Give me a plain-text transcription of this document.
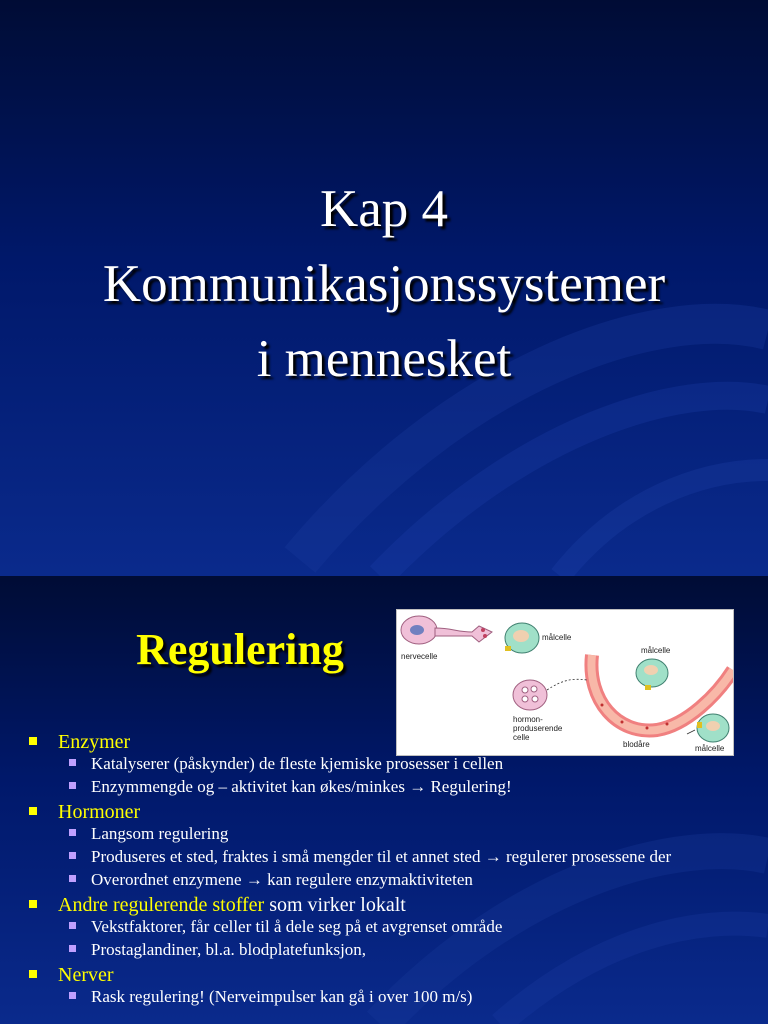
Kap 4
Kommunikasjonssystemer
i mennesket
Regulering	nervecelle
målcelle
målcelle
hormon-
produserende
celle
blodåre	målcelle
Enzymer
Katalyserer (påskynder) de fleste kjemiske prosesser i cellen
Enzymmengde og – aktivitet kan økes/minkes → Regulering!
Hormoner
Langsom regulering
Produseres et sted, fraktes i små mengder til et annet sted → regulerer prosessene der
Overordnet enzymene → kan regulere enzymaktiviteten
Andre regulerende stoffer som virker lokalt
Vekstfaktorer, får celler til å dele seg på et avgrenset område
Prostaglandiner, bl.a. blodplatefunksjon,
Nerver
Rask regulering! (Nerveimpulser kan gå i over 100 m/s)
